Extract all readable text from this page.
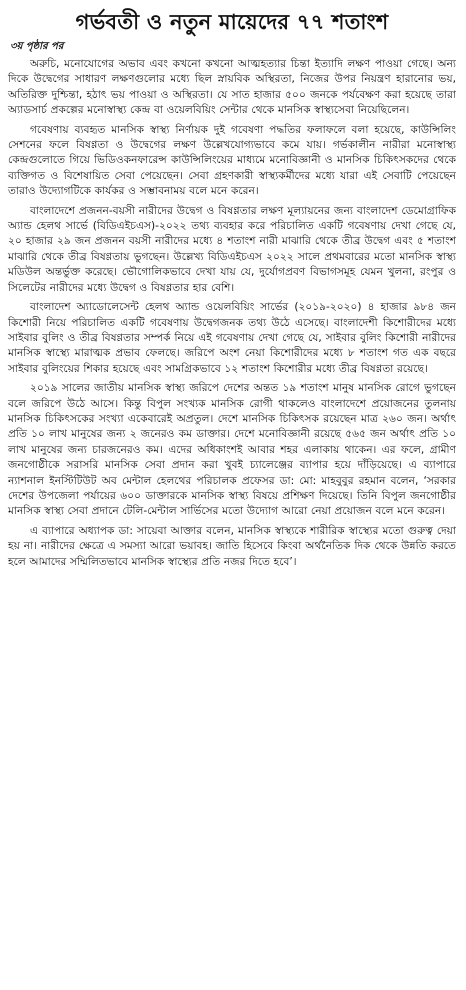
গর্ভবতী ও নতুন মায়েদের ৭৭ শতাংশ
৩য় পৃষ্ঠার পর

অরুচি, মনোযোগের অভাব এবং কখনো কখনো আত্মহত্যার চিন্তা ইত্যাদি লক্ষণ পাওয়া গেছে। অন্য দিকে উদ্বেগের সাধারণ লক্ষণগুলোর মধ্যে ছিল স্নায়বিক অস্থিরতা, নিজের উপর নিয়ন্ত্রণ হারানোর ভয়, অতিরিক্ত দুশ্চিন্তা, হঠাৎ ভয় পাওয়া ও অস্থিরতা। যে সাত হাজার ৫০০ জনকে পর্যবেক্ষণ করা হয়েছে তারা অ্যাডসার্চ প্রকল্পের মনোস্বাস্থ্য কেন্দ্র বা ওয়েলবিয়িং সেন্টার থেকে মানসিক স্বাস্থ্যসেবা নিয়েছিলেন।

গবেষণায় ব্যবহৃত মানসিক স্বাস্থ্য নির্ণায়ক দুই গবেষণা পদ্ধতির ফলাফলে বলা হয়েছে, কাউন্সিলিং সেশনের ফলে বিষণ্ণতা ও উদ্বেগের লক্ষণ উল্লেখযোগ্যভাবে কমে যায়। গর্ভকালীন নারীরা মনোস্বাস্থ্য কেন্দ্রগুলোতে গিয়ে ভিডিওকনফারেন্স কাউন্সিলিংয়ের মাধ্যমে মনোবিজ্ঞানী ও মানসিক চিকিৎসকদের থেকে ব্যক্তিগত ও বিশেষায়িত সেবা পেয়েছেন। সেবা গ্রহণকারী স্বাস্থ্যকর্মীদের মধ্যে যারা এই সেবাটি পেয়েছেন তারাও উদ্যোগটিকে কার্যকর ও সম্ভাবনাময় বলে মনে করেন।

বাংলাদেশে প্রজনন-বয়সী নারীদের উদ্বেগ ও বিষণ্ণতার লক্ষণ মূল্যায়নের জন্য বাংলাদেশ ডেমোগ্রাফিক অ্যান্ড হেলথ সার্ভে (বিডিএইচএস)-২০২২ তথ্য ব্যবহার করে পরিচালিত একটি গবেষণায় দেখা গেছে যে, ২০ হাজার ২৯ জন প্রজনন বয়সী নারীদের মধ্যে ৪ শতাংশ নারী মাঝারি থেকে তীব্র উদ্বেগ এবং ৫ শতাংশ মাঝারি থেকে তীব্র বিষণ্ণতায় ভুগছেন। উল্লেখ্য বিডিএইচএস ২০২২ সালে প্রথমবারের মতো মানসিক স্বাস্থ্য মডিউল অন্তর্ভুক্ত করেছে। ভৌগোলিকভাবে দেখা যায় যে, দুর্যোগপ্রবণ বিভাগসমূহ যেমন খুলনা, রংপুর ও সিলেটের নারীদের মধ্যে উদ্বেগ ও বিষণ্ণতার হার বেশি।

বাংলাদেশ অ্যাডোলেসেন্ট হেলথ অ্যান্ড ওয়েলবিয়িং সার্ভের (২০১৯-২০২০) ৪ হাজার ৯৮৪ জন কিশোরী নিয়ে পরিচালিত একটি গবেষণায় উদ্বেগজনক তথ্য উঠে এসেছে। বাংলাদেশী কিশোরীদের মধ্যে সাইবার বুলিং ও তীব্র বিষণ্ণতার সম্পর্ক নিয়ে এই গবেষণায় দেখা গেছে যে, সাইবার বুলিং কিশোরী নারীদের মানসিক স্বাস্থ্যে মারাত্মক প্রভাব ফেলছে। জরিপে অংশ নেয়া কিশোরীদের মধ্যে ৮ শতাংশ গত এক বছরে সাইবার বুলিংয়ের শিকার হয়েছে এবং সামগ্রিকভাবে ১২ শতাংশ কিশোরীর মধ্যে তীব্র বিষণ্ণতা রয়েছে।

২০১৯ সালের জাতীয় মানসিক স্বাস্থ্য জরিপে দেশের অন্তত ১৯ শতাংশ মানুষ মানসিক রোগে ভুগছেন বলে জরিপে উঠে আসে। কিন্তু বিপুল সংখ্যক মানসিক রোগী থাকলেও বাংলাদেশে প্রয়োজনের তুলনায় মানসিক চিকিৎসকের সংখ্যা একেবারেই অপ্রতুল। দেশে মানসিক চিকিৎসক রয়েছেন মাত্র ২৬০ জন। অর্থাৎ প্রতি ১০ লাখ মানুষের জন্য ২ জনেরও কম ডাক্তার। দেশে মনোবিজ্ঞানী রয়েছে ৫৬৫ জন অর্থাৎ প্রতি ১০ লাখ মানুষের জন্য চারজনেরও কম। এদের অধিকাংশই আবার শহর এলাকায় থাকেন। এর ফলে, গ্রামীণ জনগোষ্ঠীকে সরাসরি মানসিক সেবা প্রদান করা খুবই চ্যালেঞ্জের ব্যাপার হয়ে দাঁড়িয়েছে। এ ব্যাপারে ন্যাশনাল ইনস্টিটিউট অব মেন্টাল হেলথের পরিচালক প্রফেসর ডা: মো: মাহবুবুর রহমান বলেন, ‘সরকার দেশের উপজেলা পর্যায়ের ৬০০ ডাক্তারকে মানসিক স্বাস্থ্য বিষয়ে প্রশিক্ষণ দিয়েছে। তিনি বিপুল জনগোষ্ঠীর মানসিক স্বাস্থ্য সেবা প্রদানে টেলি-মেন্টাল সার্ভিসের মতো উদ্যোগ আরো নেয়া প্রয়োজন বলে মনে করেন।

এ ব্যাপারে অধ্যাপক ডা: সায়েবা আক্তার বলেন, মানসিক স্বাস্থ্যকে শারীরিক স্বাস্থ্যের মতো গুরুত্ব দেয়া হয় না। নারীদের ক্ষেত্রে এ সমস্যা আরো ভয়াবহ। জাতি হিসেবে কিংবা অর্থনৈতিক দিক থেকে উন্নতি করতে হলে আমাদের সম্মিলিতভাবে মানসিক স্বাস্থ্যের প্রতি নজর দিতে হবে’।
